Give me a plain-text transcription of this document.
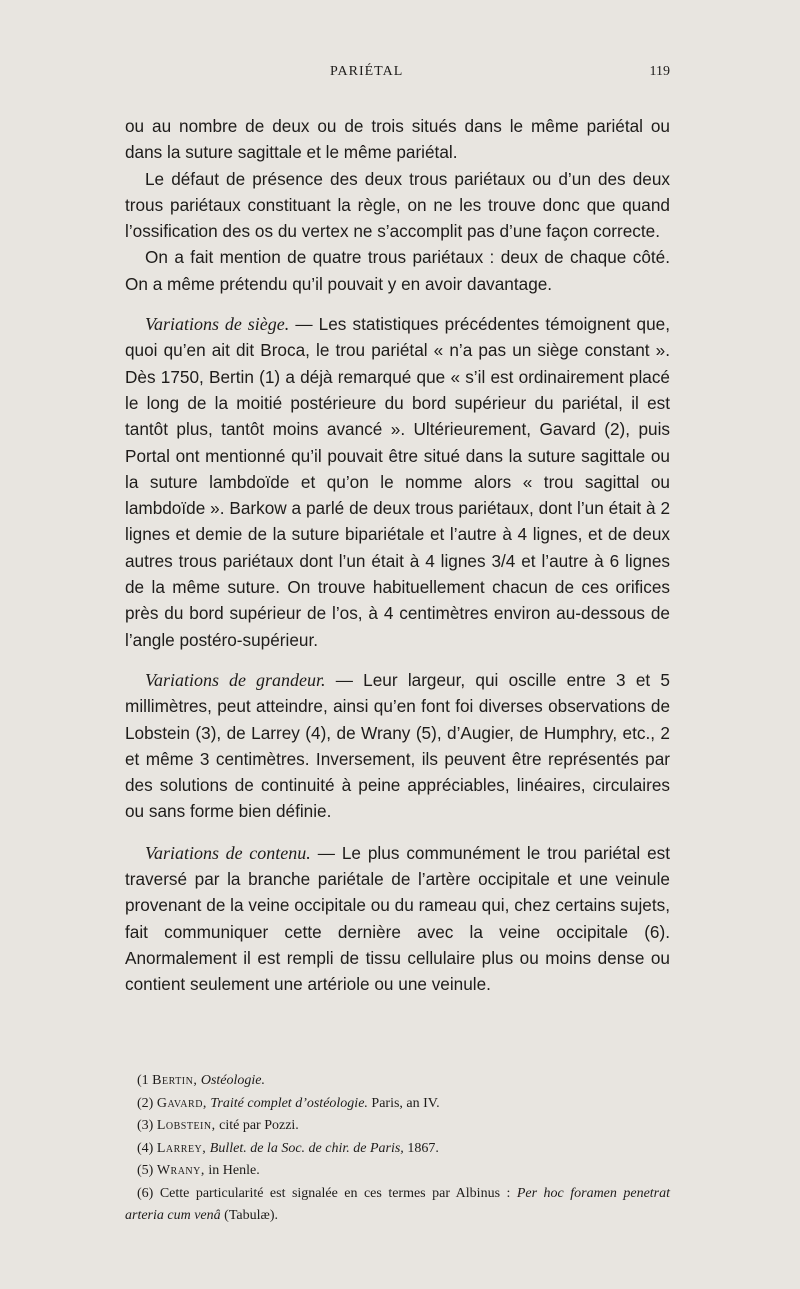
PARIÉTAL	119

ou au nombre de deux ou de trois situés dans le même pariétal ou dans la suture sagittale et le même pariétal.

Le défaut de présence des deux trous pariétaux ou d’un des deux trous pariétaux constituant la règle, on ne les trouve donc que quand l’ossification des os du vertex ne s’accomplit pas d’une façon correcte.

On a fait mention de quatre trous pariétaux : deux de chaque côté. On a même prétendu qu’il pouvait y en avoir davantage.

Variations de siège. — Les statistiques précédentes témoignent que, quoi qu’en ait dit Broca, le trou pariétal « n’a pas un siège constant ». Dès 1750, Bertin (1) a déjà remarqué que « s’il est ordinairement placé le long de la moitié postérieure du bord supérieur du pariétal, il est tantôt plus, tantôt moins avancé ». Ultérieurement, Gavard (2), puis Portal ont mentionné qu’il pouvait être situé dans la suture sagittale ou la suture lambdoïde et qu’on le nomme alors « trou sagittal ou lambdoïde ». Barkow a parlé de deux trous pariétaux, dont l’un était à 2 lignes et demie de la suture bipariétale et l’autre à 4 lignes, et de deux autres trous pariétaux dont l’un était à 4 lignes 3/4 et l’autre à 6 lignes de la même suture. On trouve habituellement chacun de ces orifices près du bord supérieur de l’os, à 4 centimètres environ au-dessous de l’angle postéro-supérieur.

Variations de grandeur. — Leur largeur, qui oscille entre 3 et 5 millimètres, peut atteindre, ainsi qu’en font foi diverses observations de Lobstein (3), de Larrey (4), de Wrany (5), d’Augier, de Humphry, etc., 2 et même 3 centimètres. Inversement, ils peuvent être représentés par des solutions de continuité à peine appréciables, linéaires, circulaires ou sans forme bien définie.

Variations de contenu. — Le plus communément le trou pariétal est traversé par la branche pariétale de l’artère occipitale et une veinule provenant de la veine occipitale ou du rameau qui, chez certains sujets, fait communiquer cette dernière avec la veine occipitale (6). Anormalement il est rempli de tissu cellulaire plus ou moins dense ou contient seulement une artériole ou une veinule.

(1 Bertin, Ostéologie.
(2) Gavard, Traité complet d’ostéologie. Paris, an IV.
(3) Lobstein, cité par Pozzi.
(4) Larrey, Bullet. de la Soc. de chir. de Paris, 1867.
(5) Wrany, in Henle.
(6) Cette particularité est signalée en ces termes par Albinus : Per hoc foramen penetrat arteria cum venâ (Tabulæ).
